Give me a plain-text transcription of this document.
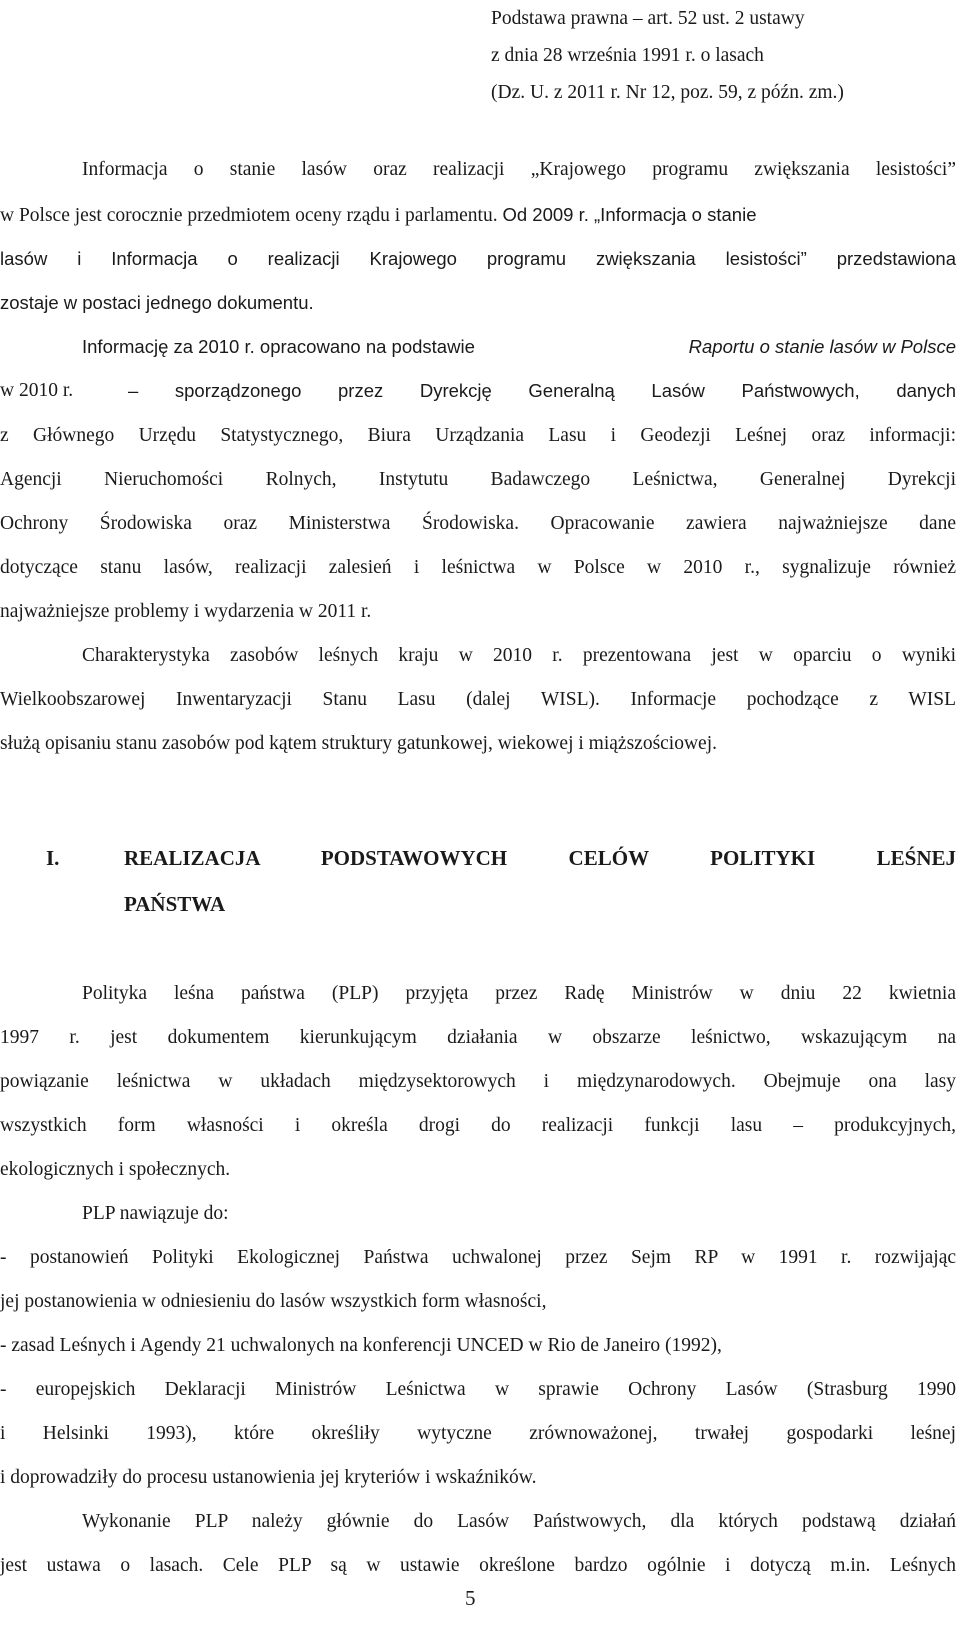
Podstawa prawna – art. 52 ust. 2 ustawy
z dnia 28 września 1991 r. o lasach
(Dz. U. z 2011 r. Nr 12, poz. 59, z późn. zm.)
Informacja o stanie lasów oraz realizacji „Krajowego programu zwiększania lesistości”
w Polsce jest corocznie przedmiotem oceny rządu i parlamentu. Od 2009 r. „Informacja o stanie
lasów i Informacja o realizacji Krajowego programu zwiększania lesistości” przedstawiona
zostaje w postaci jednego dokumentu.
Informację za 2010 r. opracowano na podstawie	Raportu o stanie lasów w Polsce
w 2010 r.	– sporządzonego przez Dyrekcję Generalną Lasów Państwowych, danych
z Głównego Urzędu Statystycznego, Biura Urządzania Lasu i Geodezji Leśnej oraz informacji:
Agencji Nieruchomości Rolnych, Instytutu Badawczego Leśnictwa, Generalnej Dyrekcji
Ochrony Środowiska oraz Ministerstwa Środowiska. Opracowanie zawiera najważniejsze dane
dotyczące stanu lasów, realizacji zalesień i leśnictwa w Polsce w 2010 r., sygnalizuje również
najważniejsze problemy i wydarzenia w 2011 r.
Charakterystyka zasobów leśnych kraju w 2010 r. prezentowana jest w oparciu o wyniki
Wielkoobszarowej Inwentaryzacji Stanu Lasu (dalej WISL). Informacje pochodzące z WISL
służą opisaniu stanu zasobów pod kątem struktury gatunkowej, wiekowej i miąższościowej.
I.	REALIZACJA PODSTAWOWYCH CELÓW POLITYKI LEŚNEJ
PAŃSTWA
Polityka leśna państwa (PLP) przyjęta przez Radę Ministrów w dniu 22 kwietnia
1997 r. jest dokumentem kierunkującym działania w obszarze leśnictwo, wskazującym na
powiązanie leśnictwa w układach międzysektorowych i międzynarodowych. Obejmuje ona lasy
wszystkich form własności i określa drogi do realizacji funkcji lasu – produkcyjnych,
ekologicznych i społecznych.
PLP nawiązuje do:
- postanowień Polityki Ekologicznej Państwa uchwalonej przez Sejm RP w 1991 r. rozwijając
jej postanowienia w odniesieniu do lasów wszystkich form własności,
- zasad Leśnych i Agendy 21 uchwalonych na konferencji UNCED w Rio de Janeiro (1992),
- europejskich Deklaracji Ministrów Leśnictwa w sprawie Ochrony Lasów (Strasburg 1990
i Helsinki 1993), które określiły wytyczne zrównoważonej, trwałej gospodarki leśnej
i doprowadziły do procesu ustanowienia jej kryteriów i wskaźników.
Wykonanie PLP należy głównie do Lasów Państwowych, dla których podstawą działań
jest ustawa o lasach. Cele PLP są w ustawie określone bardzo ogólnie i dotyczą m.in. Leśnych
5
